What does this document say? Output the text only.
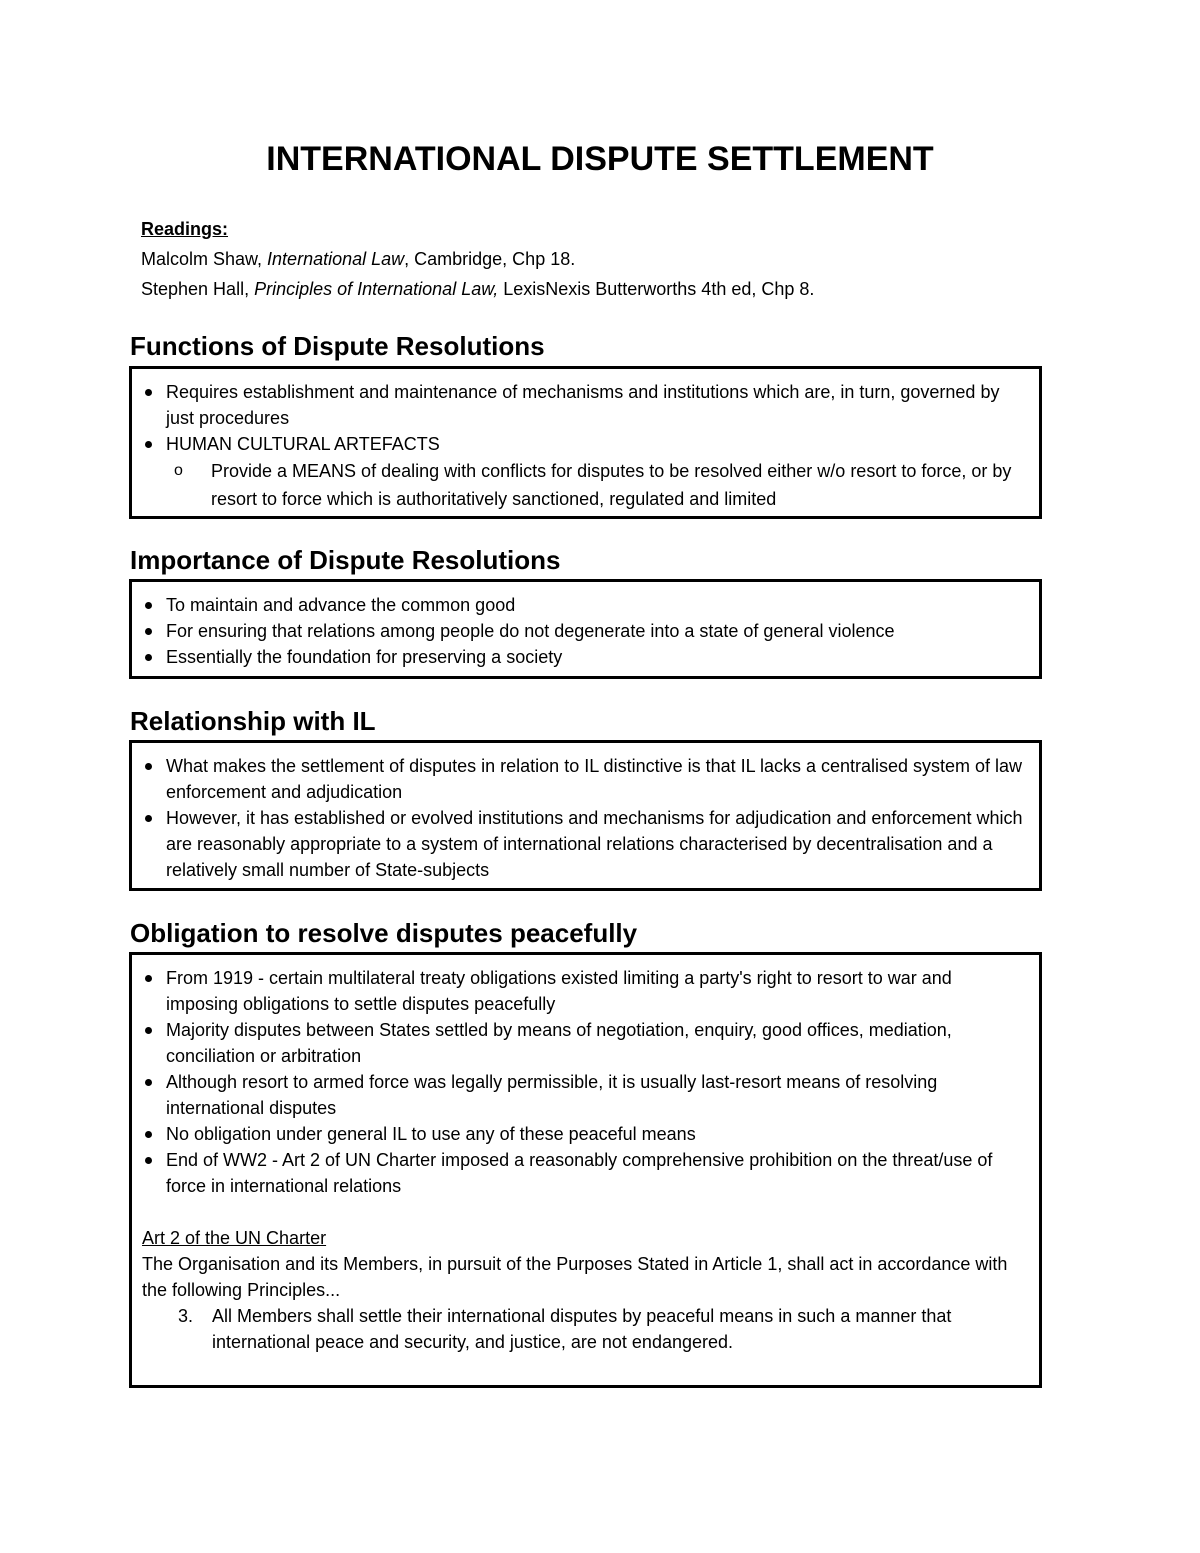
INTERNATIONAL DISPUTE SETTLEMENT
Readings:
Malcolm Shaw, International Law, Cambridge, Chp 18.
Stephen Hall, Principles of International Law, LexisNexis Butterworths 4th ed, Chp 8.
Functions of Dispute Resolutions
Requires establishment and maintenance of mechanisms and institutions which are, in turn, governed by just procedures
HUMAN CULTURAL ARTEFACTS
o Provide a MEANS of dealing with conflicts for disputes to be resolved either w/o resort to force, or by resort to force which is authoritatively sanctioned, regulated and limited
Importance of Dispute Resolutions
To maintain and advance the common good
For ensuring that relations among people do not degenerate into a state of general violence
Essentially the foundation for preserving a society
Relationship with IL
What makes the settlement of disputes in relation to IL distinctive is that IL lacks a centralised system of law enforcement and adjudication
However, it has established or evolved institutions and mechanisms for adjudication and enforcement which are reasonably appropriate to a system of international relations characterised by decentralisation and a relatively small number of State-subjects
Obligation to resolve disputes peacefully
From 1919 - certain multilateral treaty obligations existed limiting a party's right to resort to war and imposing obligations to settle disputes peacefully
Majority disputes between States settled by means of negotiation, enquiry, good offices, mediation, conciliation or arbitration
Although resort to armed force was legally permissible, it is usually last-resort means of resolving international disputes
No obligation under general IL to use any of these peaceful means
End of WW2 - Art 2 of UN Charter imposed a reasonably comprehensive prohibition on the threat/use of force in international relations
Art 2 of the UN Charter
The Organisation and its Members, in pursuit of the Purposes Stated in Article 1, shall act in accordance with the following Principles...
3. All Members shall settle their international disputes by peaceful means in such a manner that international peace and security, and justice, are not endangered.
